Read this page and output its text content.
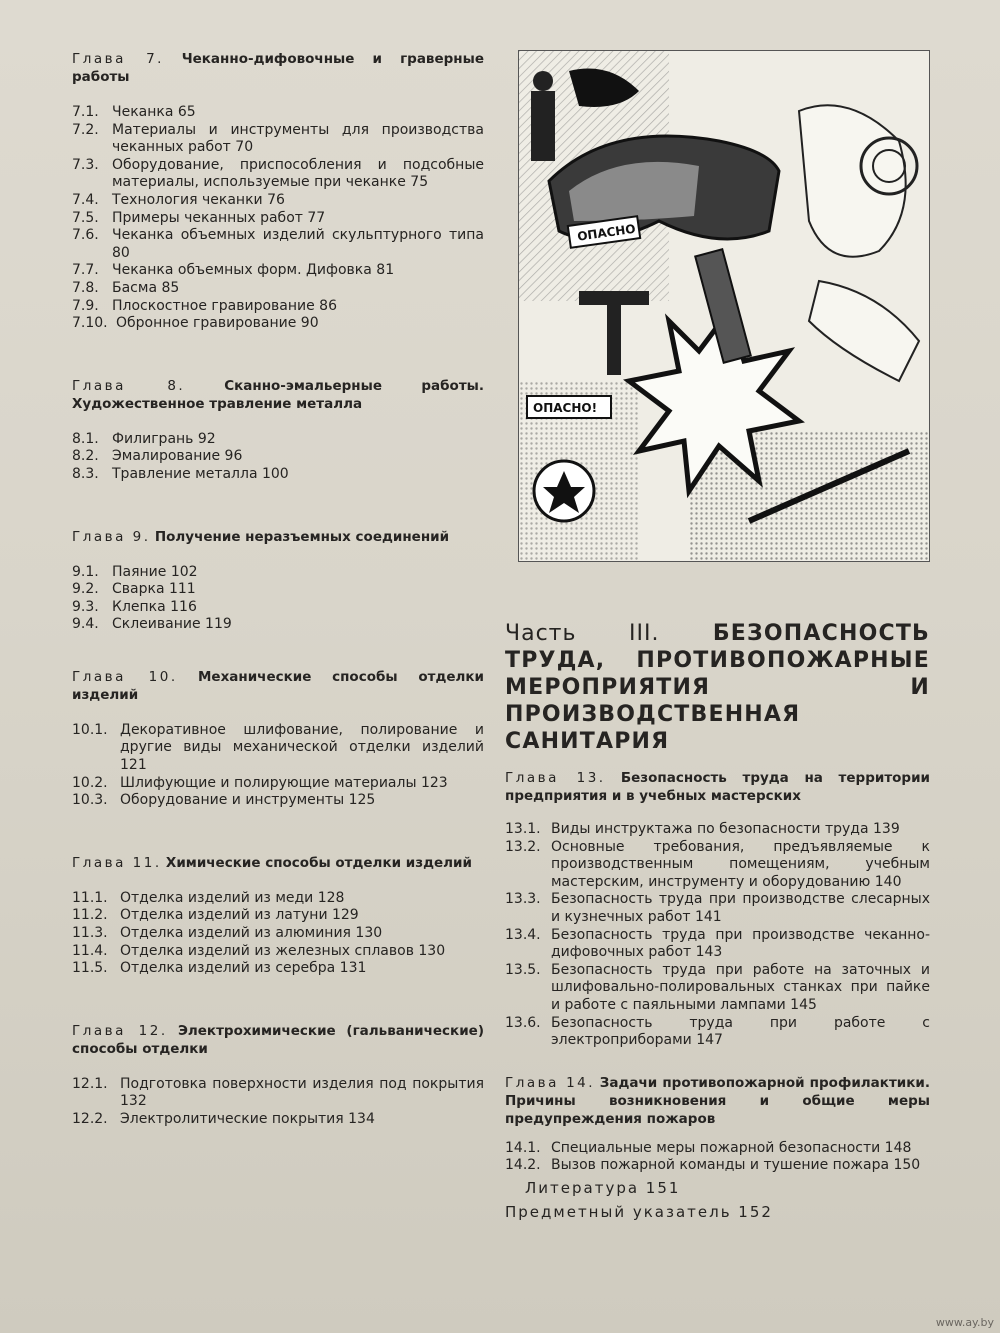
Глава 7. Чеканно-дифовочные и граверные работы
7.1. Чеканка 65
7.2. Материалы и инструменты для производства чеканных работ 70
7.3. Оборудование, приспособления и подсобные материалы, используемые при чеканке 75
7.4. Технология чеканки 76
7.5. Примеры чеканных работ 77
7.6. Чеканка объемных изделий скульптурного типа 80
7.7. Чеканка объемных форм. Дифовка 81
7.8. Басма 85
7.9. Плоскостное гравирование 86
7.10. Обронное гравирование 90
Глава 8.	Сканно-эмальерные работы. Художественное травление металла
8.1. Филигрань 92
8.2. Эмалирование 96
8.3. Травление металла 100
Глава 9. Получение неразъемных соединений
9.1. Паяние 102
9.2. Сварка 111
9.3. Клепка 116
9.4. Склеивание 119
Глава 10. Механические способы отделки изделий
10.1. Декоративное шлифование, полирование и другие виды механической отделки изделий 121
10.2. Шлифующие и полирующие материалы 123
10.3. Оборудование и инструменты 125
Глава 11. Химические способы отделки изделий
11.1. Отделка изделий из меди 128
11.2. Отделка изделий из латуни 129
11.3. Отделка изделий из алюминия 130
11.4. Отделка изделий из железных сплавов 130
11.5. Отделка изделий из серебра 131
Глава 12. Электрохимические (гальванические) способы отделки
12.1. Подготовка поверхности изделия под покрытия 132
12.2. Электролитические покрытия 134
ОПАСНО
ОПАСНО!
Часть III. БЕЗОПАСНОСТЬ ТРУДА, ПРОТИВОПОЖАРНЫЕ МЕРОПРИЯТИЯ И ПРОИЗВОДСТВЕННАЯ САНИТАРИЯ
Глава 13. Безопасность труда на территории предприятия и в учебных мастерских
13.1. Виды инструктажа по безопасности труда 139
13.2. Основные требования, предъявляемые к производственным помещениям, учебным мастерским, инструменту и оборудованию 140
13.3. Безопасность труда при производстве слесарных и кузнечных работ 141
13.4. Безопасность труда при производстве чеканно-дифовочных работ 143
13.5. Безопасность труда при работе на заточных и шлифовально-полировальных станках при пайке и работе с паяльными лампами 145
13.6. Безопасность труда при работе с электроприборами 147
Глава 14. Задачи противопожарной профилактики. Причины возникновения и общие меры предупреждения пожаров
14.1. Специальные меры пожарной безопасности 148
14.2. Вызов пожарной команды и тушение пожара 150
Литература 151
Предметный указатель 152
www.ay.by
